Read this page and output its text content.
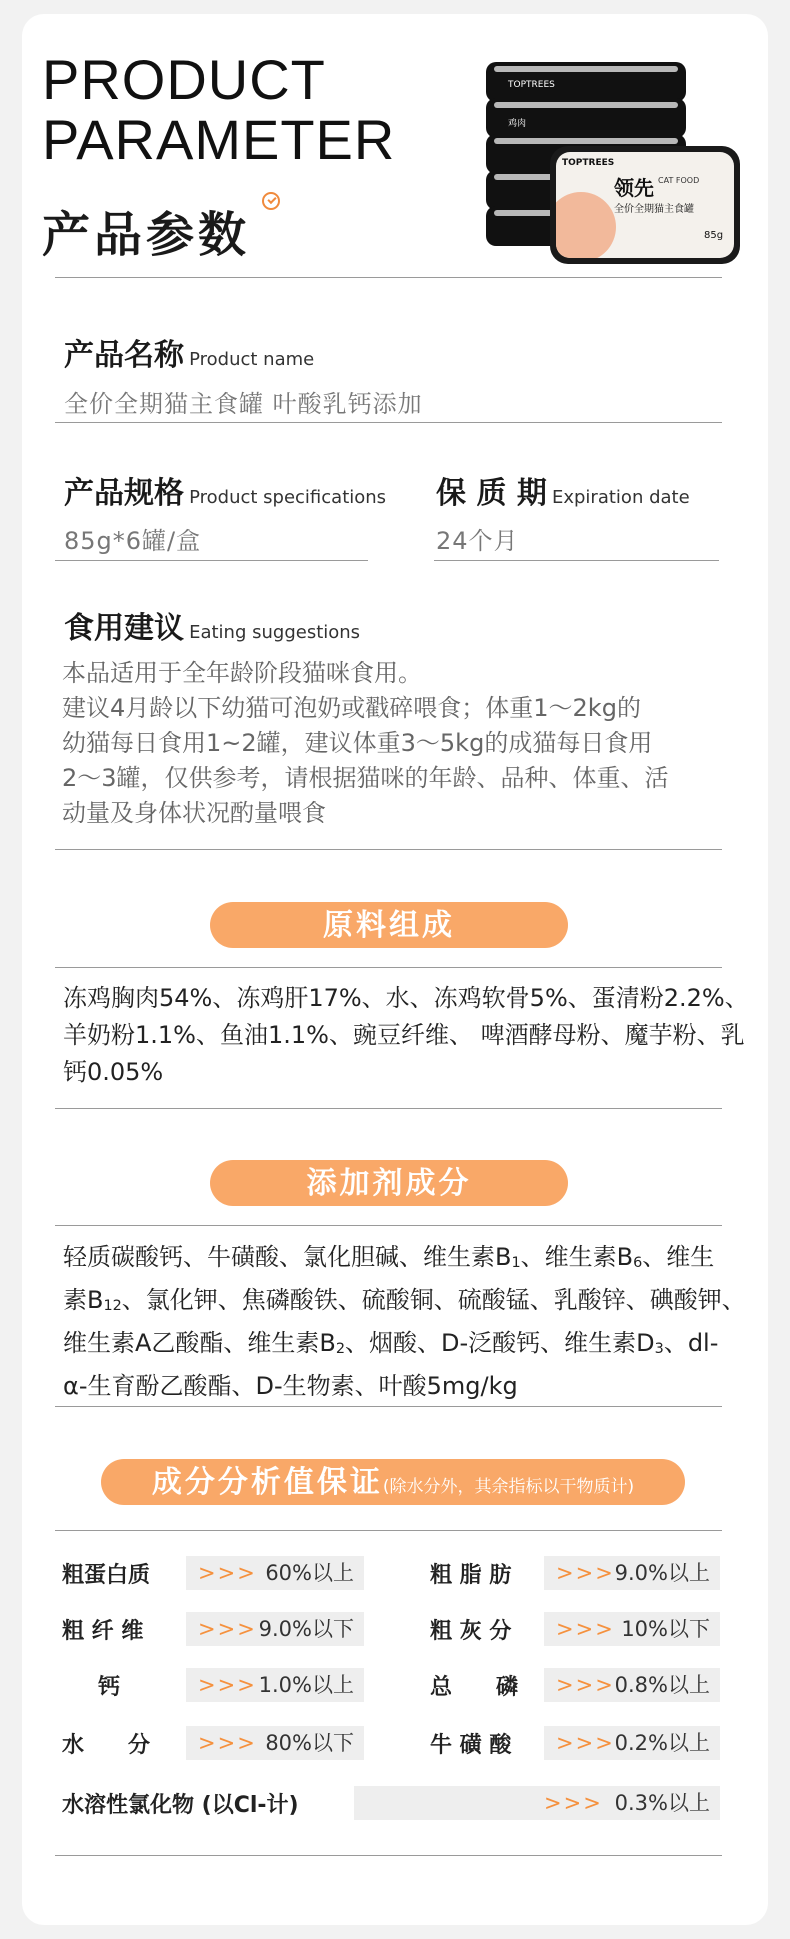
PRODUCT
PARAMETER
产品参数
TOPTREES
鸡肉
TOPTREES
领先 CAT FOOD
全价全期猫主食罐
85g
产品名称 Product name
全价全期猫主食罐 叶酸乳钙添加
产品规格 Product specifications
85g*6罐/盒
保 质 期 Expiration date
24个月
食用建议 Eating suggestions
本品适用于全年龄阶段猫咪食用。
建议4月龄以下幼猫可泡奶或戳碎喂食；体重1～2kg的
幼猫每日食用1~2罐，建议体重3～5kg的成猫每日食用
2～3罐，仅供参考，请根据猫咪的年龄、品种、体重、活
动量及身体状况酌量喂食
原料组成
冻鸡胸肉54%、冻鸡肝17%、水、冻鸡软骨5%、蛋清粉2.2%、
羊奶粉1.1%、鱼油1.1%、豌豆纤维、 啤酒酵母粉、魔芋粉、乳
钙0.05%
添加剂成分
轻质碳酸钙、牛磺酸、氯化胆碱、维生素$B_1$、维生素$B_6$、维生
素$B_{12}$、氯化钾、焦磷酸铁、硫酸铜、硫酸锰、乳酸锌、碘酸钾、
维生素A乙酸酯、维生素$B_2$、烟酸、D-泛酸钙、维生素$D_3$、dl-
α-生育酚乙酸酯、D-生物素、叶酸5mg/kg
成分分析值保证(除水分外，其余指标以干物质计)
粗蛋白质 >>> 60%以上	粗 脂 肪 >>> 9.0%以上
粗 纤 维	>>> 9.0%以下	粗 灰 分 >>> 10%以下
钙	>>> 1.0%以上	总　　磷 >>> 0.8%以上
水　　分 >>> 80%以下	牛 磺 酸 >>> 0.2%以上
水溶性氯化物 (以Cl-计)	>>> 0.3%以上
